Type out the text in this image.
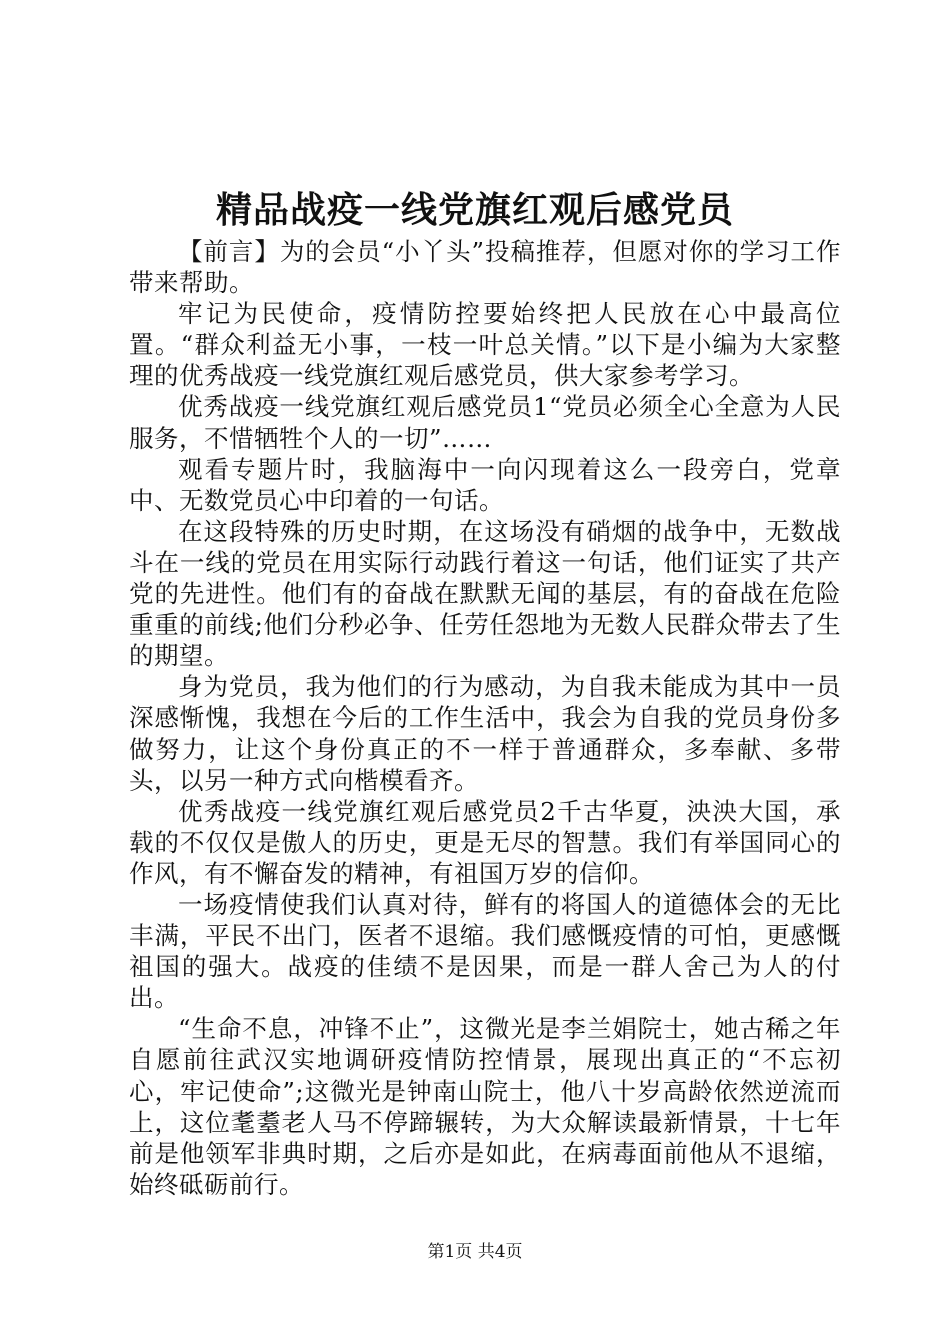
精品战疫一线党旗红观后感党员

【前言】为的会员“小丫头”投稿推荐，但愿对你的学习工作带来帮助。

牢记为民使命，疫情防控要始终把人民放在心中最高位置。“群众利益无小事，一枝一叶总关情。”以下是小编为大家整理的优秀战疫一线党旗红观后感党员，供大家参考学习。

优秀战疫一线党旗红观后感党员1“党员必须全心全意为人民服务，不惜牺牲个人的一切”……

观看专题片时，我脑海中一向闪现着这么一段旁白，党章中、无数党员心中印着的一句话。

在这段特殊的历史时期，在这场没有硝烟的战争中，无数战斗在一线的党员在用实际行动践行着这一句话，他们证实了共产党的先进性。他们有的奋战在默默无闻的基层，有的奋战在危险重重的前线;他们分秒必争、任劳任怨地为无数人民群众带去了生的期望。

身为党员，我为他们的行为感动，为自我未能成为其中一员深感惭愧，我想在今后的工作生活中，我会为自我的党员身份多做努力，让这个身份真正的不一样于普通群众，多奉献、多带头，以另一种方式向楷模看齐。

优秀战疫一线党旗红观后感党员2千古华夏，泱泱大国，承载的不仅仅是傲人的历史，更是无尽的智慧。我们有举国同心的作风，有不懈奋发的精神，有祖国万岁的信仰。

一场疫情使我们认真对待，鲜有的将国人的道德体会的无比丰满，平民不出门，医者不退缩。我们感慨疫情的可怕，更感慨祖国的强大。战疫的佳绩不是因果，而是一群人舍己为人的付出。

“生命不息，冲锋不止”，这微光是李兰娟院士，她古稀之年自愿前往武汉实地调研疫情防控情景，展现出真正的“不忘初心，牢记使命”;这微光是钟南山院士，他八十岁高龄依然逆流而上，这位耄耋老人马不停蹄辗转，为大众解读最新情景，十七年前是他领军非典时期，之后亦是如此，在病毒面前他从不退缩，始终砥砺前行。

第1页 共4页
